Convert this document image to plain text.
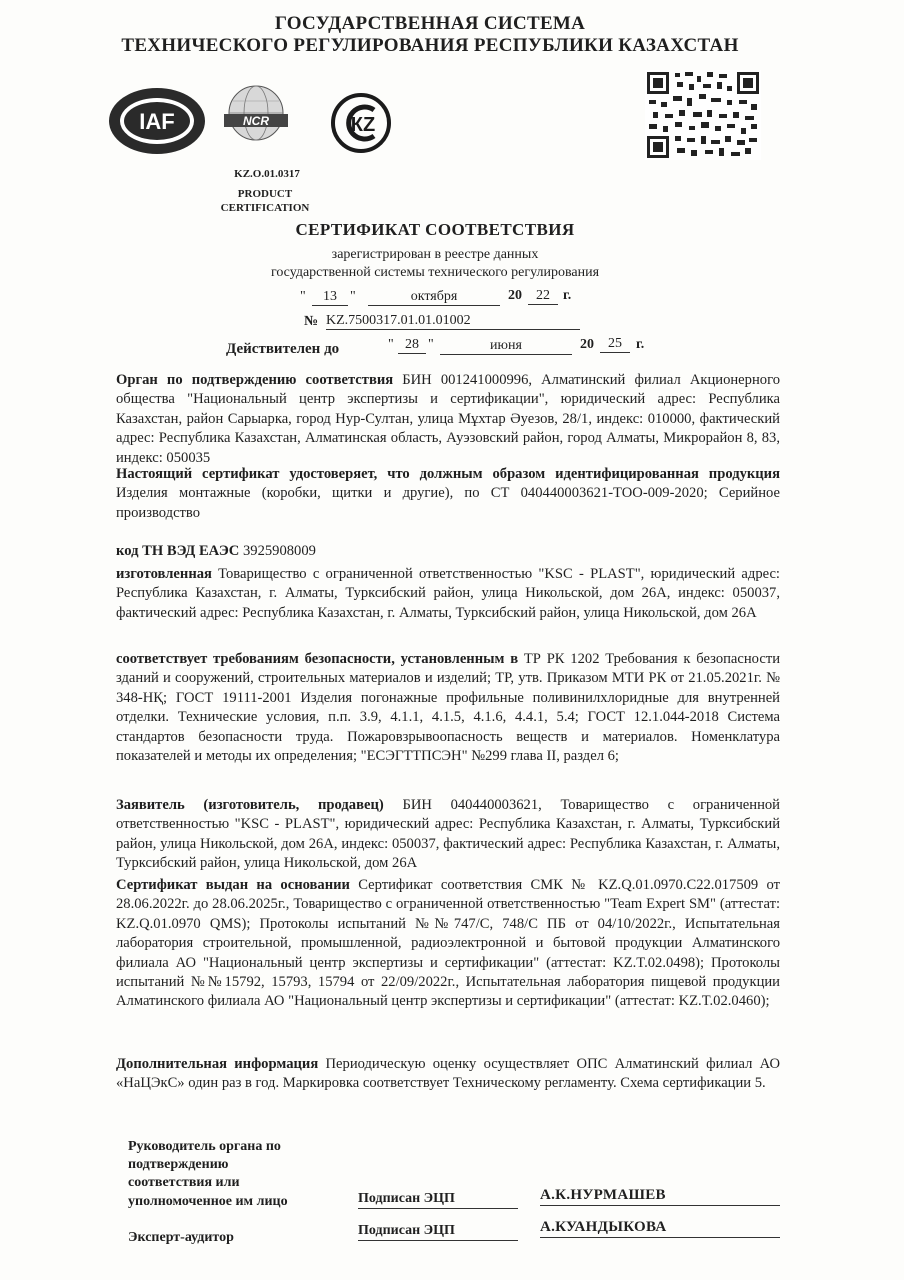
ГОСУДАРСТВЕННАЯ СИСТЕМА
ТЕХНИЧЕСКОГО РЕГУЛИРОВАНИЯ РЕСПУБЛИКИ КАЗАХСТАН
IAF	NCR	КZ
KZ.O.01.0317
PRODUCT
CERTIFICATION
СЕРТИФИКАТ СООТВЕТСТВИЯ
зарегистрирован в реестре данных
государственной системы технического регулирования
"	13 "	октября	20	22 г.
№ KZ.7500317.01.01.01002
Действителен до	" 28 "	июня	20	25	г.
Орган по подтверждению соответствия БИН 001241000996, Алматинский филиал Акционерного общества "Национальный центр экспертизы и сертификации", юридический адрес: Республика Казахстан, район Сарыарка, город Нур-Султан, улица Мұхтар Әуезов, 28/1, индекс: 010000, фактический адрес: Республика Казахстан, Алматинская область, Ауэзовский район, город Алматы, Микрорайон 8, 83, индекс: 050035
Настоящий сертификат удостоверяет, что должным образом идентифицированная продукция Изделия монтажные (коробки, щитки и другие), по СТ 040440003621-ТОО-009-2020; Серийное производство
код ТН ВЭД ЕАЭС 3925908009
изготовленная Товарищество с ограниченной ответственностью "KSC - PLAST", юридический адрес: Республика Казахстан, г. Алматы, Турксибский район, улица Никольской, дом 26А, индекс: 050037, фактический адрес: Республика Казахстан, г. Алматы, Турксибский район, улица Никольской, дом 26А
соответствует требованиям безопасности, установленным в ТР РК 1202 Требования к безопасности зданий и сооружений, строительных материалов и изделий; ТР, утв. Приказом МТИ РК от 21.05.2021г. № 348-НҚ; ГОСТ 19111-2001 Изделия погонажные профильные поливинилхлоридные для внутренней отделки. Технические условия, п.п. 3.9, 4.1.1, 4.1.5, 4.1.6, 4.4.1, 5.4; ГОСТ 12.1.044-2018 Система стандартов безопасности труда. Пожаровзрывоопасность веществ и материалов. Номенклатура показателей и методы их определения; "ЕСЭГТТПСЭН" №299 глава II, раздел 6;
Заявитель (изготовитель, продавец) БИН 040440003621, Товарищество с ограниченной ответственностью "KSC - PLAST", юридический адрес: Республика Казахстан, г. Алматы, Турксибский район, улица Никольской, дом 26А, индекс: 050037, фактический адрес: Республика Казахстан, г. Алматы, Турксибский район, улица Никольской, дом 26А
Сертификат выдан на основании Сертификат соответствия СМК № KZ.Q.01.0970.C22.017509 от 28.06.2022г. до 28.06.2025г., Товарищество с ограниченной ответственностью "Team Expert SM" (аттестат: KZ.Q.01.0970 QMS); Протоколы испытаний №№747/С, 748/С ПБ от 04/10/2022г., Испытательная лаборатория строительной, промышленной, радиоэлектронной и бытовой продукции Алматинского филиала АО "Национальный центр экспертизы и сертификации" (аттестат: KZ.T.02.0498); Протоколы испытаний №№15792, 15793, 15794 от 22/09/2022г., Испытательная лаборатория пищевой продукции Алматинского филиала АО "Национальный центр экспертизы и сертификации" (аттестат: KZ.T.02.0460);
Дополнительная информация Периодическую оценку осуществляет ОПС Алматинский филиал АО «НаЦЭкС» один раз в год. Маркировка соответствует Техническому регламенту. Схема сертификации 5.
Руководитель органа по
подтверждению
соответствия или
уполномоченное им лицо	Подписан ЭЦП	А.К.НУРМАШЕВ
Эксперт-аудитор	Подписан ЭЦП	А.КУАНДЫКОВА
